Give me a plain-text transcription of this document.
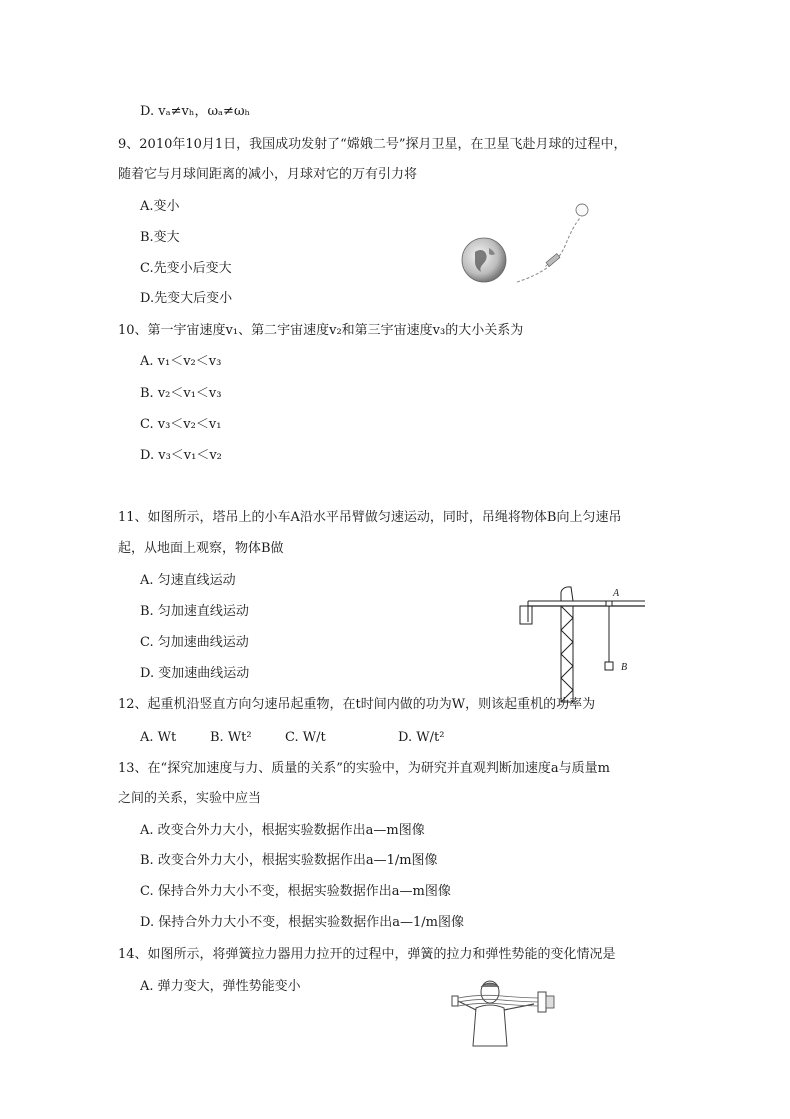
D. vₐ≠vₕ，ωₐ≠ωₕ
9、2010年10月1日，我国成功发射了“嫦娥二号”探月卫星，在卫星飞赴月球的过程中，
随着它与月球间距离的减小，月球对它的万有引力将
A.变小
B.变大
C.先变小后变大
D.先变大后变小
10、第一宇宙速度v₁、第二宇宙速度v₂和第三宇宙速度v₃的大小关系为
A. v₁＜v₂＜v₃
B. v₂＜v₁＜v₃
C. v₃＜v₂＜v₁
D. v₃＜v₁＜v₂
11、如图所示，塔吊上的小车A沿水平吊臂做匀速运动，同时，吊绳将物体B向上匀速吊
起，从地面上观察，物体B做
A. 匀速直线运动
B. 匀加速直线运动
C. 匀加速曲线运动
D. 变加速曲线运动
A
B
12、起重机沿竖直方向匀速吊起重物，在t时间内做的功为W，则该起重机的功率为
A. Wt	B. Wt²	C. W/t	D. W/t²
13、在“探究加速度与力、质量的关系”的实验中，为研究并直观判断加速度a与质量m
之间的关系，实验中应当
A. 改变合外力大小，根据实验数据作出a—m图像
B. 改变合外力大小，根据实验数据作出a—1/m图像
C. 保持合外力大小不变，根据实验数据作出a—m图像
D. 保持合外力大小不变，根据实验数据作出a—1/m图像
14、如图所示，将弹簧拉力器用力拉开的过程中，弹簧的拉力和弹性势能的变化情况是
A. 弹力变大，弹性势能变小
